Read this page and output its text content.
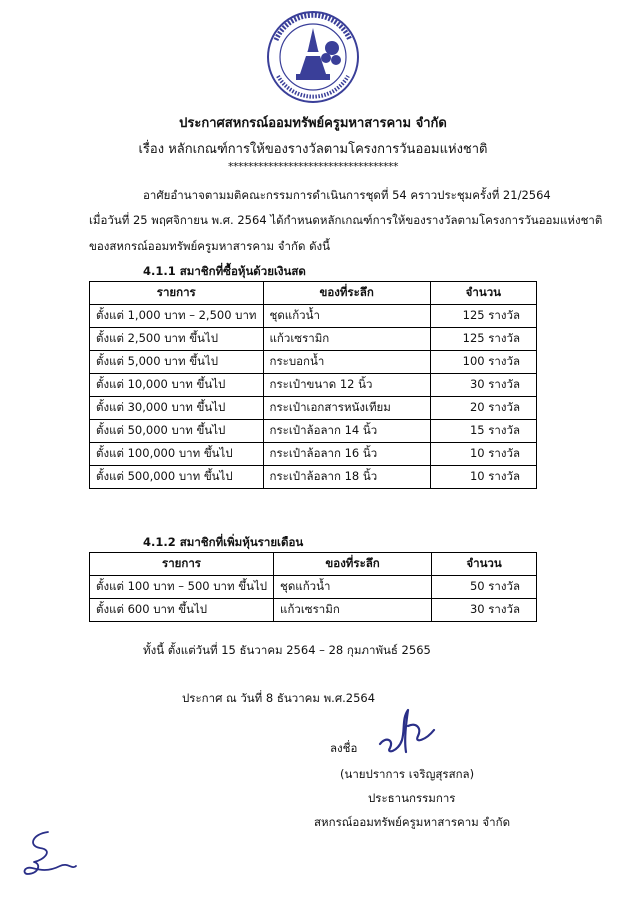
ประกาศสหกรณ์ออมทรัพย์ครูมหาสารคาม จำกัด
เรื่อง หลักเกณฑ์การให้ของรางวัลตามโครงการวันออมแห่งชาติ
**********************************
อาศัยอำนาจตามมติคณะกรรมการดำเนินการชุดที่ 54 คราวประชุมครั้งที่ 21/2564
เมื่อวันที่ 25 พฤศจิกายน พ.ศ. 2564 ได้กำหนดหลักเกณฑ์การให้ของรางวัลตามโครงการวันออมแห่งชาติ
ของสหกรณ์ออมทรัพย์ครูมหาสารคาม จำกัด ดังนี้
4.1.1 สมาชิกที่ซื้อหุ้นด้วยเงินสด
รายการ	ของที่ระลึก	จำนวน
ตั้งแต่ 1,000 บาท – 2,500 บาท	ชุดแก้วน้ำ	125 รางวัล
ตั้งแต่ 2,500 บาท ขึ้นไป	แก้วเซรามิก	125 รางวัล
ตั้งแต่ 5,000 บาท ขึ้นไป	กระบอกน้ำ	100 รางวัล
ตั้งแต่ 10,000 บาท ขึ้นไป	กระเป๋าขนาด 12 นิ้ว	30 รางวัล
ตั้งแต่ 30,000 บาท ขึ้นไป	กระเป๋าเอกสารหนังเทียม	20 รางวัล
ตั้งแต่ 50,000 บาท ขึ้นไป	กระเป๋าล้อลาก 14 นิ้ว	15 รางวัล
ตั้งแต่ 100,000 บาท ขึ้นไป	กระเป๋าล้อลาก 16 นิ้ว	10 รางวัล
ตั้งแต่ 500,000 บาท ขึ้นไป	กระเป๋าล้อลาก 18 นิ้ว	10 รางวัล
4.1.2 สมาชิกที่เพิ่มหุ้นรายเดือน
รายการ	ของที่ระลึก	จำนวน
ตั้งแต่ 100 บาท – 500 บาท ขึ้นไป	ชุดแก้วน้ำ	50 รางวัล
ตั้งแต่ 600 บาท ขึ้นไป	แก้วเซรามิก	30 รางวัล
ทั้งนี้ ตั้งแต่วันที่ 15 ธันวาคม 2564 – 28 กุมภาพันธ์ 2565
ประกาศ ณ วันที่ 8 ธันวาคม พ.ศ.2564
ลงชื่อ
(นายปราการ เจริญสุรสกล)
ประธานกรรมการ
สหกรณ์ออมทรัพย์ครูมหาสารคาม จำกัด
